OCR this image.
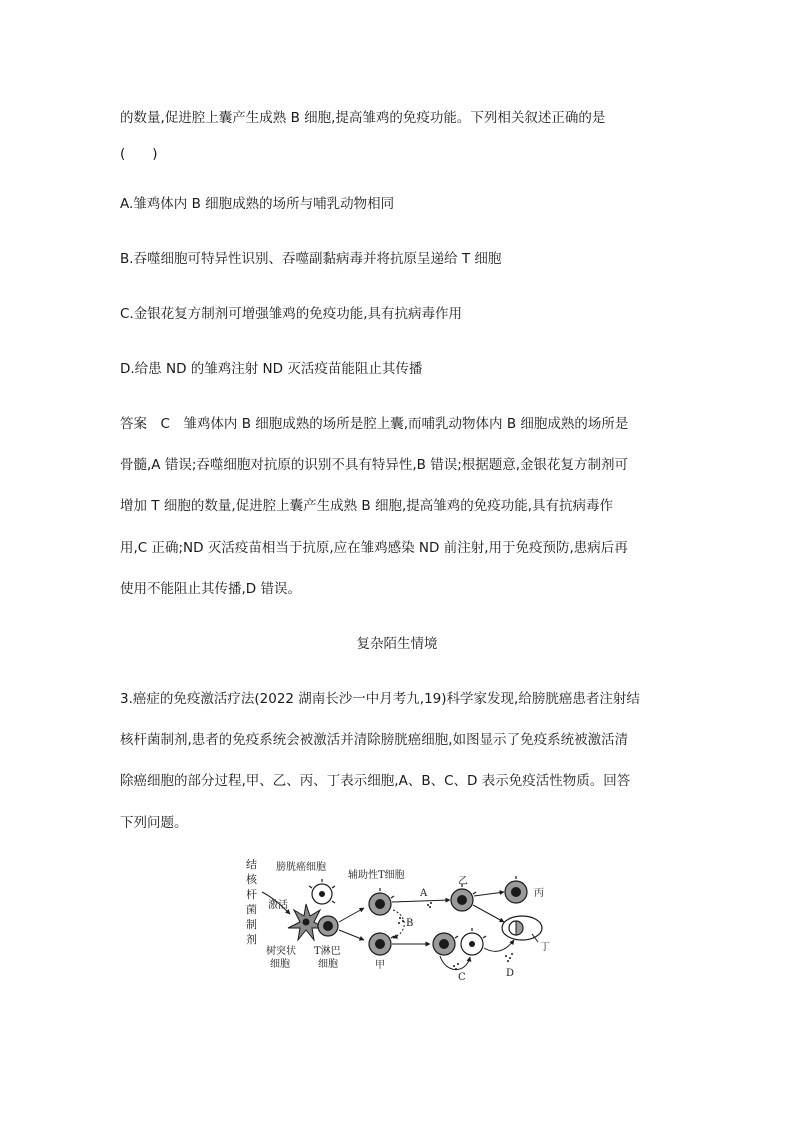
的数量,促进腔上囊产生成熟 B 细胞,提高雏鸡的免疫功能。下列相关叙述正确的是
(　　)
A.雏鸡体内 B 细胞成熟的场所与哺乳动物相同
B.吞噬细胞可特异性识别、吞噬副黏病毒并将抗原呈递给 T 细胞
C.金银花复方制剂可增强雏鸡的免疫功能,具有抗病毒作用
D.给患 ND 的雏鸡注射 ND 灭活疫苗能阻止其传播
答案　C　雏鸡体内 B 细胞成熟的场所是腔上囊,而哺乳动物体内 B 细胞成熟的场所是
骨髓,A 错误;吞噬细胞对抗原的识别不具有特异性,B 错误;根据题意,金银花复方制剂可
增加 T 细胞的数量,促进腔上囊产生成熟 B 细胞,提高雏鸡的免疫功能,具有抗病毒作
用,C 正确;ND 灭活疫苗相当于抗原,应在雏鸡感染 ND 前注射,用于免疫预防,患病后再
使用不能阻止其传播,D 错误。
复杂陌生情境
3.癌症的免疫激活疗法(2022 湖南长沙一中月考九,19)科学家发现,给膀胱癌患者注射结
核杆菌制剂,患者的免疫系统会被激活并清除膀胱癌细胞,如图显示了免疫系统被激活清
除癌细胞的部分过程,甲、乙、丙、丁表示细胞,A、B、C、D 表示免疫活性物质。回答
下列问题。
结
核
杆
菌
制
剂
激活
膀胱癌细胞
树突状
细胞
T淋巴
细胞
辅助性T细胞
甲
B
A
乙
丙
丁
C	D
